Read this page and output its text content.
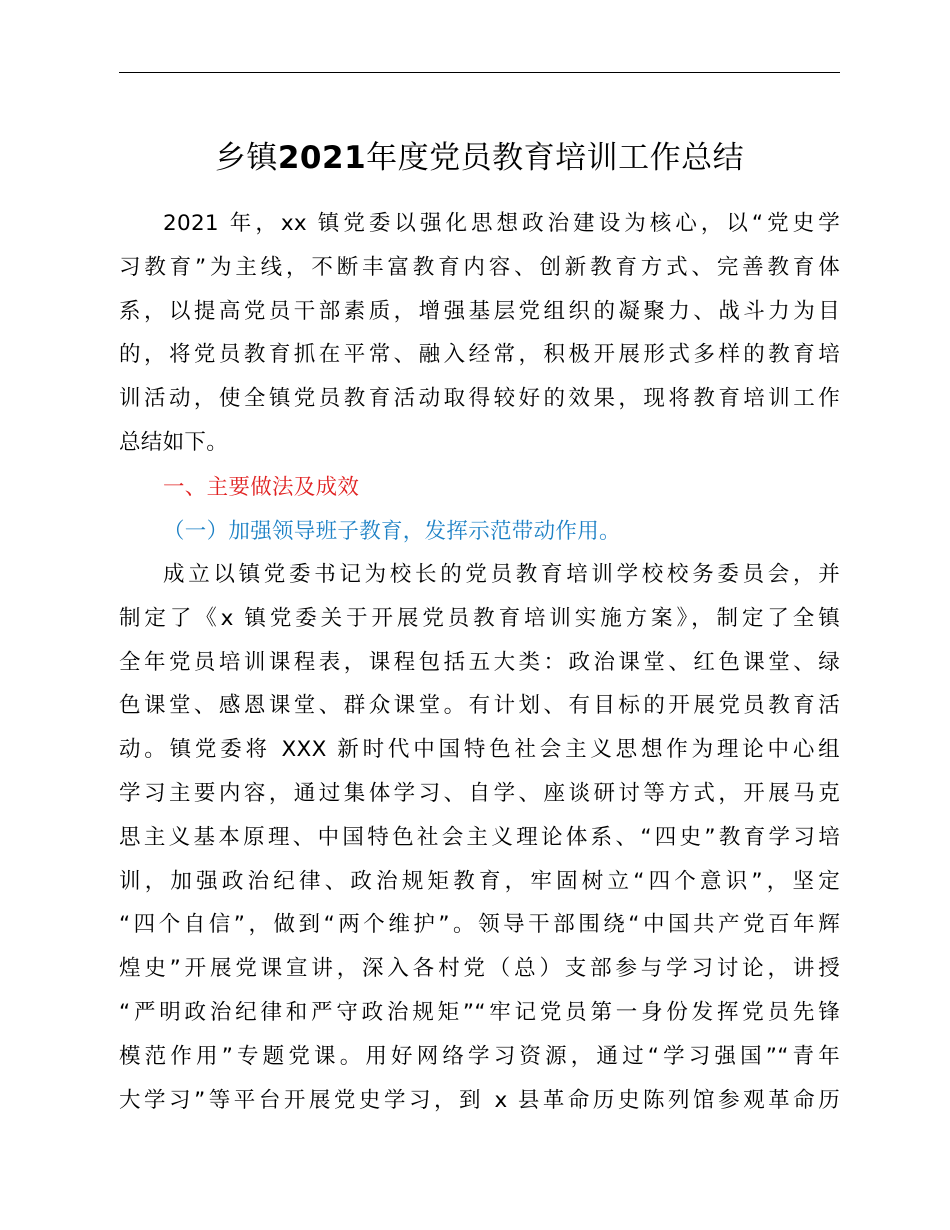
乡镇2021年度党员教育培训工作总结
2021 年，xx 镇党委以强化思想政治建设为核心，以“党史学
习教育”为主线，不断丰富教育内容、创新教育方式、完善教育体
系，以提高党员干部素质，增强基层党组织的凝聚力、战斗力为目
的，将党员教育抓在平常、融入经常，积极开展形式多样的教育培
训活动，使全镇党员教育活动取得较好的效果，现将教育培训工作
总结如下。
一、主要做法及成效
（一）加强领导班子教育，发挥示范带动作用。
成立以镇党委书记为校长的党员教育培训学校校务委员会，并
制定了《x 镇党委关于开展党员教育培训实施方案》，制定了全镇
全年党员培训课程表，课程包括五大类：政治课堂、红色课堂、绿
色课堂、感恩课堂、群众课堂。有计划、有目标的开展党员教育活
动。镇党委将 XXX 新时代中国特色社会主义思想作为理论中心组
学习主要内容，通过集体学习、自学、座谈研讨等方式，开展马克
思主义基本原理、中国特色社会主义理论体系、“四史”教育学习培
训，加强政治纪律、政治规矩教育，牢固树立“四个意识”，坚定
“四个自信”，做到“两个维护”。领导干部围绕“中国共产党百年辉
煌史”开展党课宣讲，深入各村党（总）支部参与学习讨论，讲授
“严明政治纪律和严守政治规矩”“牢记党员第一身份发挥党员先锋
模范作用”专题党课。用好网络学习资源，通过“学习强国”“青年
大学习”等平台开展党史学习，到 x 县革命历史陈列馆参观革命历
